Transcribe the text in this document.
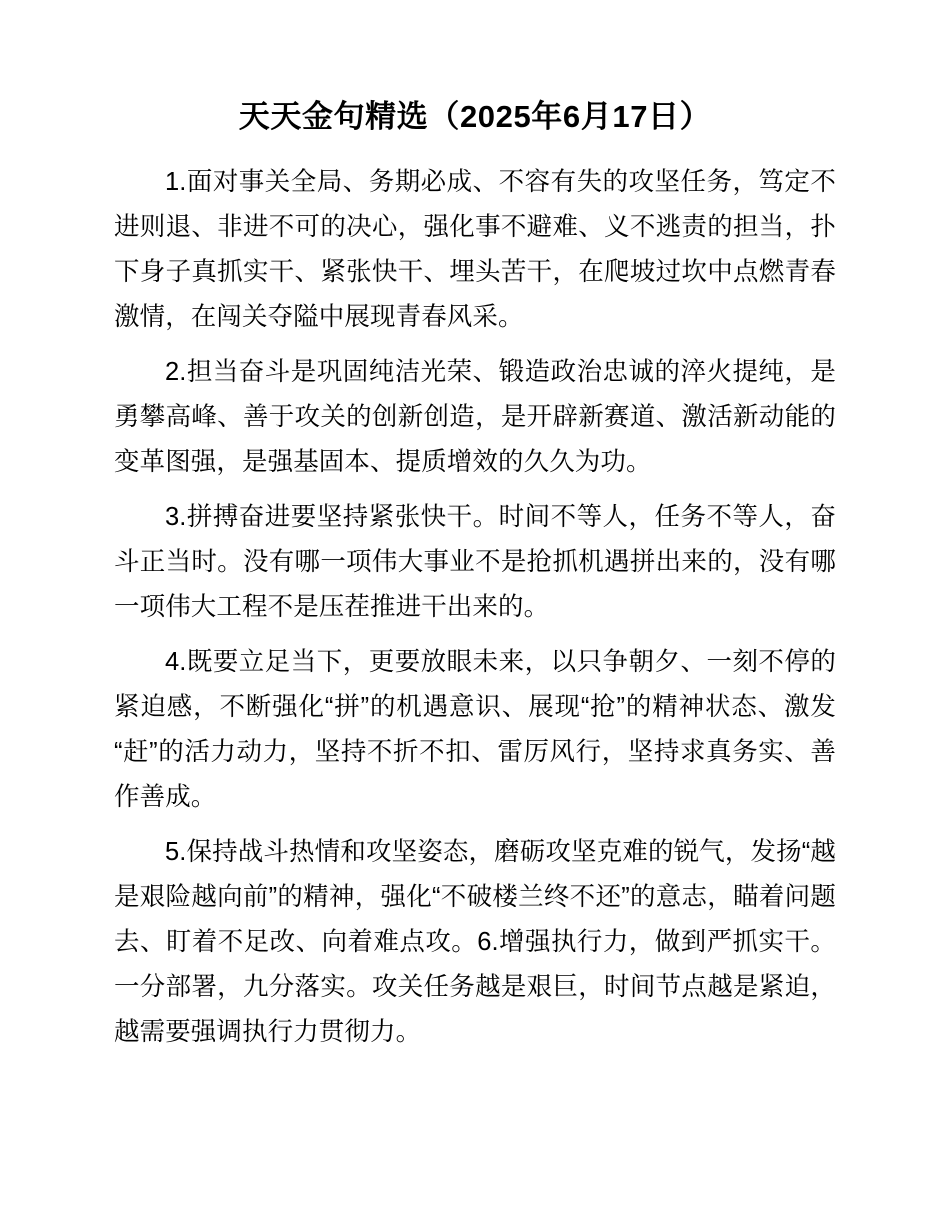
天天金句精选（2025年6月17日）

1.面对事关全局、务期必成、不容有失的攻坚任务，笃定不进则退、非进不可的决心，强化事不避难、义不逃责的担当，扑下身子真抓实干、紧张快干、埋头苦干，在爬坡过坎中点燃青春激情，在闯关夺隘中展现青春风采。

2.担当奋斗是巩固纯洁光荣、锻造政治忠诚的淬火提纯，是勇攀高峰、善于攻关的创新创造，是开辟新赛道、激活新动能的变革图强，是强基固本、提质增效的久久为功。

3.拼搏奋进要坚持紧张快干。时间不等人，任务不等人，奋斗正当时。没有哪一项伟大事业不是抢抓机遇拼出来的，没有哪一项伟大工程不是压茬推进干出来的。

4.既要立足当下，更要放眼未来，以只争朝夕、一刻不停的紧迫感，不断强化“拼”的机遇意识、展现“抢”的精神状态、激发“赶”的活力动力，坚持不折不扣、雷厉风行，坚持求真务实、善作善成。

5.保持战斗热情和攻坚姿态，磨砺攻坚克难的锐气，发扬“越是艰险越向前”的精神，强化“不破楼兰终不还”的意志，瞄着问题去、盯着不足改、向着难点攻。6.增强执行力，做到严抓实干。一分部署，九分落实。攻关任务越是艰巨，时间节点越是紧迫，越需要强调执行力贯彻力。
